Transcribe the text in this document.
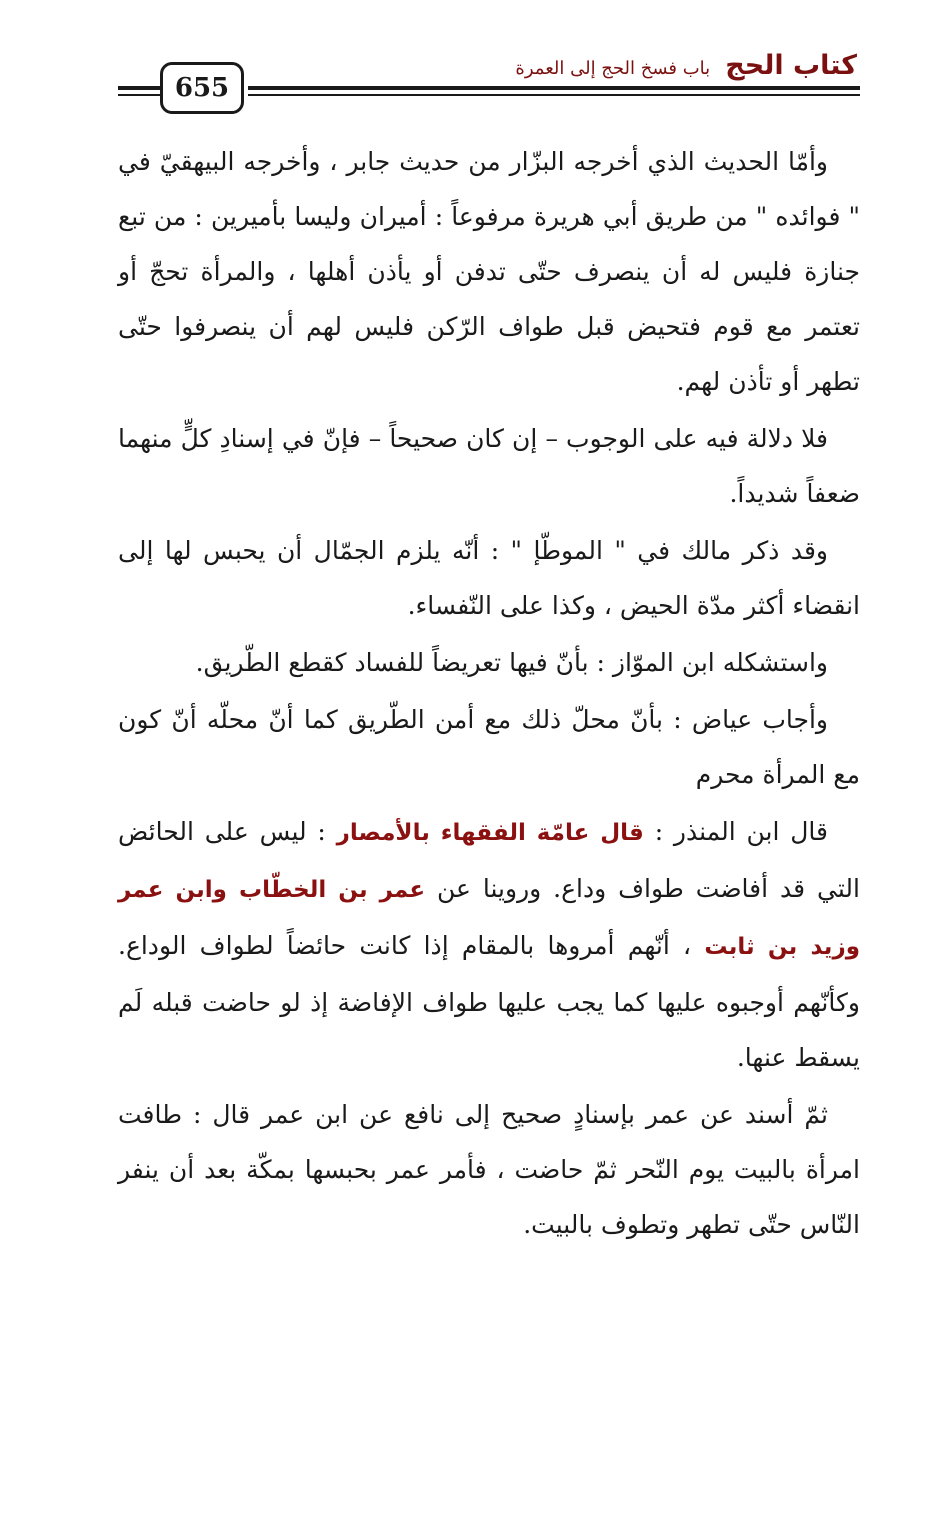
كتاب الحج باب فسخ الحج إلى العمرة
655

وأمّا الحديث الذي أخرجه البزّار من حديث جابر ، وأخرجه البيهقيّ في " فوائده " من طريق أبي هريرة مرفوعاً : أميران وليسا بأميرين : من تبع جنازة فليس له أن ينصرف حتّى تدفن أو يأذن أهلها ، والمرأة تحجّ أو تعتمر مع قوم فتحيض قبل طواف الرّكن فليس لهم أن ينصرفوا حتّى تطهر أو تأذن لهم.

فلا دلالة فيه على الوجوب – إن كان صحيحاً – فإنّ في إسنادِ كلٍّ منهما ضعفاً شديداً.

وقد ذكر مالك في " الموطّإ " : أنّه يلزم الجمّال أن يحبس لها إلى انقضاء أكثر مدّة الحيض ، وكذا على النّفساء.

واستشكله ابن الموّاز : بأنّ فيها تعريضاً للفساد كقطع الطّريق.

وأجاب عياض : بأنّ محلّ ذلك مع أمن الطّريق كما أنّ محلّه أنّ كون مع المرأة محرم

قال ابن المنذر : قال عامّة الفقهاء بالأمصار : ليس على الحائض التي قد أفاضت طواف وداع. وروينا عن عمر بن الخطّاب وابن عمر وزيد بن ثابت ، أنّهم أمروها بالمقام إذا كانت حائضاً لطواف الوداع. وكأنّهم أوجبوه عليها كما يجب عليها طواف الإفاضة إذ لو حاضت قبله لَم يسقط عنها.

ثمّ أسند عن عمر بإسنادٍ صحيح إلى نافع عن ابن عمر قال : طافت امرأة بالبيت يوم النّحر ثمّ حاضت ، فأمر عمر بحبسها بمكّة بعد أن ينفر النّاس حتّى تطهر وتطوف بالبيت.
